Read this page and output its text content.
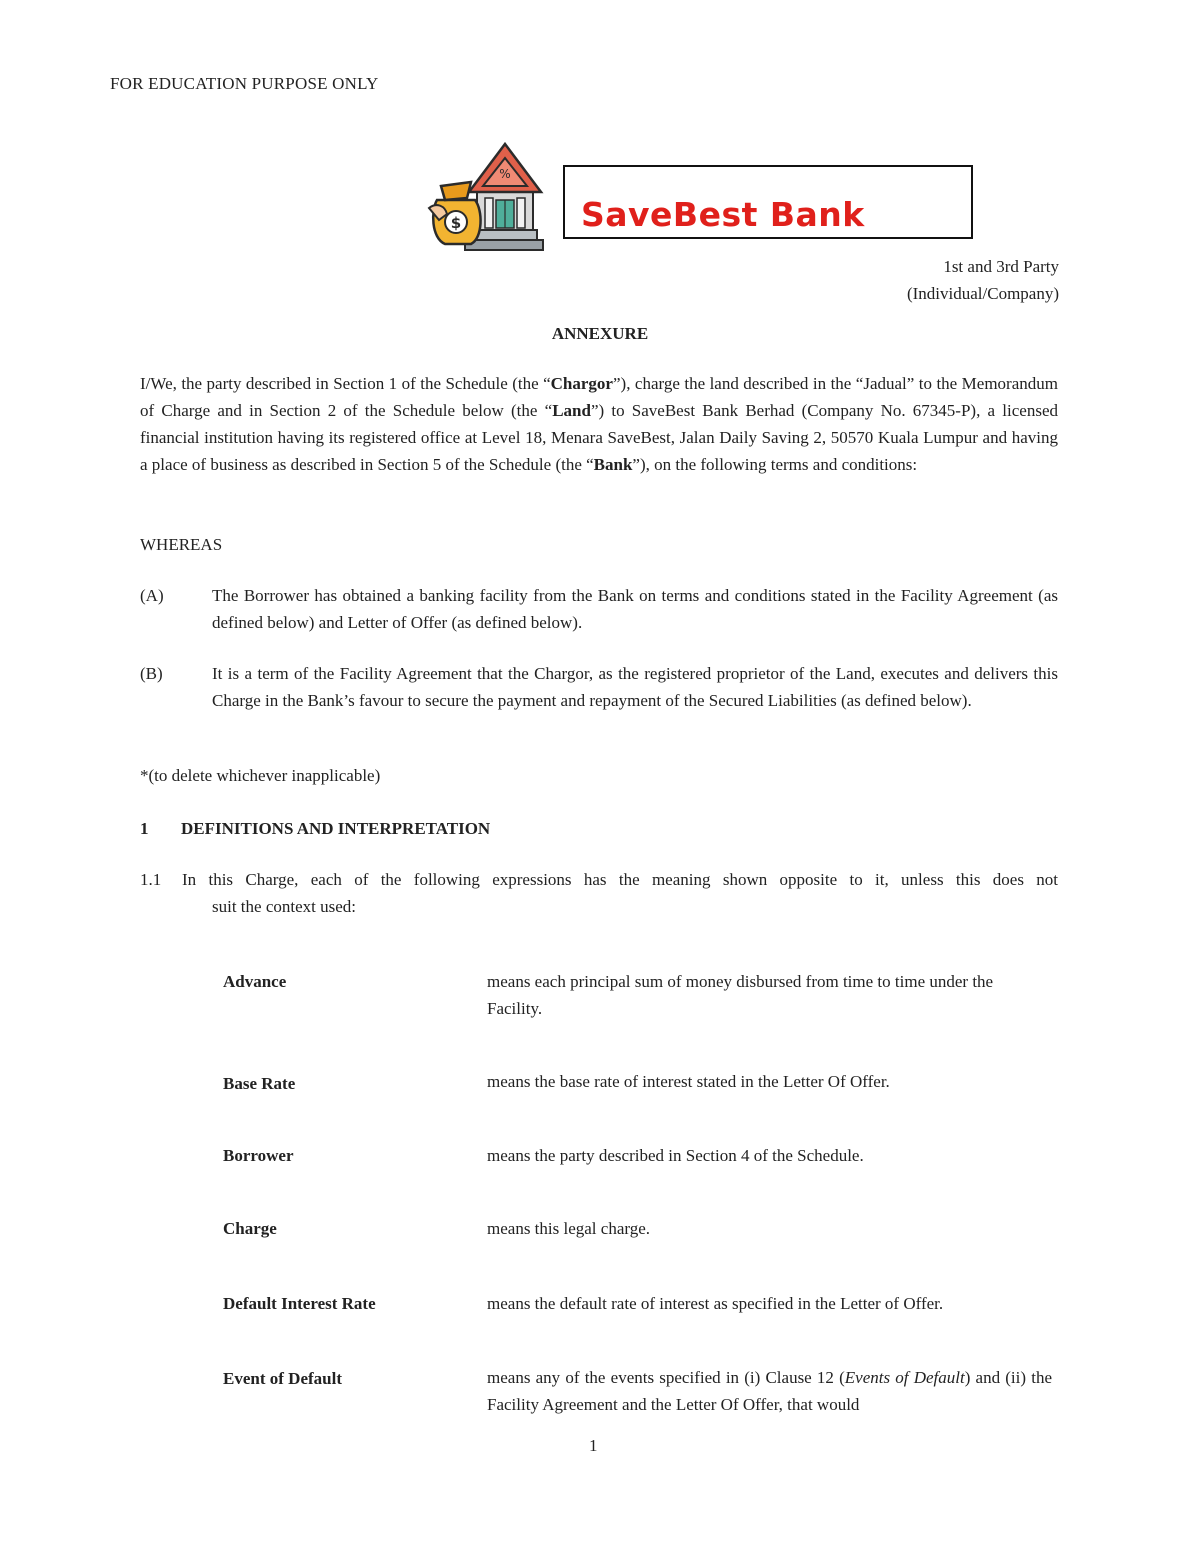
FOR EDUCATION PURPOSE ONLY
%
$	SaveBest Bank
1st and 3rd Party
(Individual/Company)
ANNEXURE
I/We, the party described in Section 1 of the Schedule (the “Chargor”), charge the land described in the “Jadual” to the Memorandum of Charge and in Section 2 of the Schedule below (the “Land”) to SaveBest Bank Berhad (Company No. 67345-P), a licensed financial institution having its registered office at Level 18, Menara SaveBest, Jalan Daily Saving 2, 50570 Kuala Lumpur and having a place of business as described in Section 5 of the Schedule (the “Bank”), on the following terms and conditions:
WHEREAS
(A)	The Borrower has obtained a banking facility from the Bank on terms and conditions stated in the Facility Agreement (as defined below) and Letter of Offer (as defined below).
(B)	It is a term of the Facility Agreement that the Chargor, as the registered proprietor of the Land, executes and delivers this Charge in the Bank’s favour to secure the payment and repayment of the Secured Liabilities (as defined below).
*(to delete whichever inapplicable)
1 DEFINITIONS AND INTERPRETATION
1.1 In this Charge, each of the following expressions has the meaning shown opposite to it, unless this does not
suit the context used:
Advance	means each principal sum of money disbursed from time to time under the Facility.
Base Rate	means the base rate of interest stated in the Letter Of Offer.
Borrower	means the party described in Section 4 of the Schedule.
Charge	means this legal charge.
Default Interest Rate	means the default rate of interest as specified in the Letter of Offer.
Event of Default	means any of the events specified in (i) Clause 12 (Events of Default) and (ii) the Facility Agreement and the Letter Of Offer, that would
1
